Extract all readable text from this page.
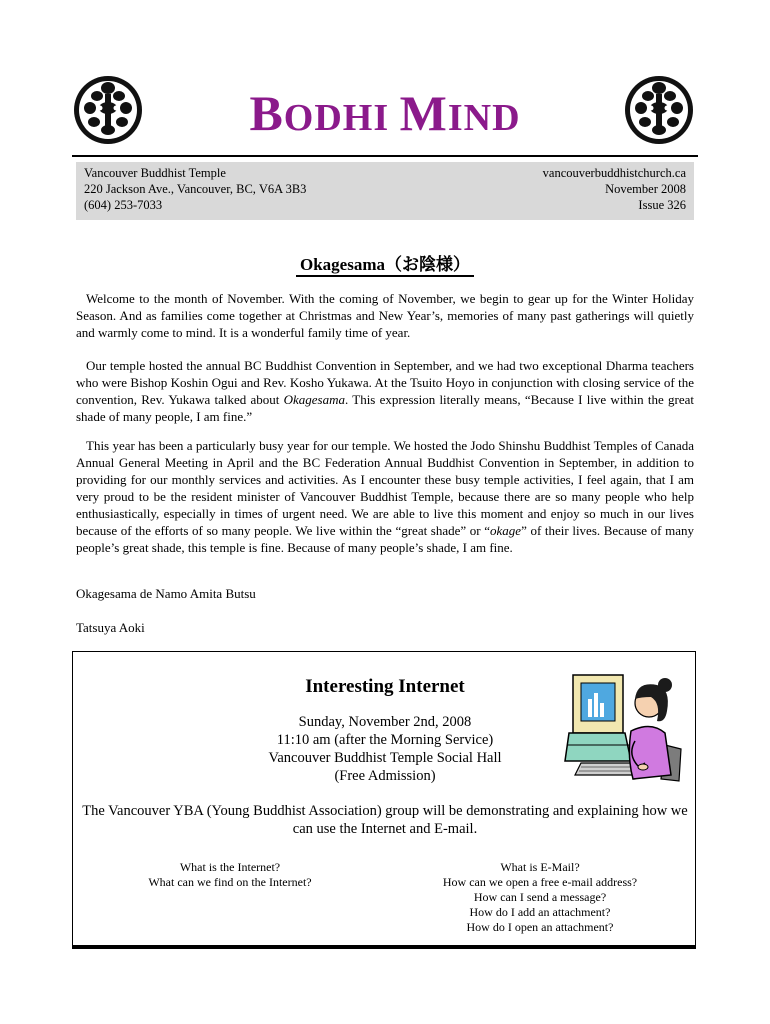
BODHI MIND
Vancouver Buddhist Temple
220 Jackson Ave., Vancouver, BC, V6A 3B3
(604) 253-7033
vancouverbuddhistchurch.ca
November 2008
Issue 326
Okagesama（お陰様）
Welcome to the month of November. With the coming of November, we begin to gear up for the Winter Holiday Season. And as families come together at Christmas and New Year’s, memories of many past gatherings will quietly and warmly come to mind. It is a wonderful family time of year.
Our temple hosted the annual BC Buddhist Convention in September, and we had two exceptional Dharma teachers who were Bishop Koshin Ogui and Rev. Kosho Yukawa. At the Tsuito Hoyo in conjunction with closing service of the convention, Rev. Yukawa talked about Okagesama. This expression literally means, “Because I live within the great shade of many people, I am fine.”
This year has been a particularly busy year for our temple. We hosted the Jodo Shinshu Buddhist Temples of Canada Annual General Meeting in April and the BC Federation Annual Buddhist Convention in September, in addition to providing for our monthly services and activities. As I encounter these busy temple activities, I feel again, that I am very proud to be the resident minister of Vancouver Buddhist Temple, because there are so many people who help enthusiastically, especially in times of urgent need. We are able to live this moment and enjoy so much in our lives because of the efforts of so many people. We live within the “great shade” or “okage” of their lives. Because of many people’s great shade, this temple is fine. Because of many people’s shade, I am fine.
Okagesama de Namo Amita Butsu
Tatsuya Aoki
Interesting Internet
Sunday, November 2nd, 2008
11:10 am (after the Morning Service)
Vancouver Buddhist Temple Social Hall
(Free Admission)
The Vancouver YBA (Young Buddhist Association) group will be demonstrating and explaining how we can use the Internet and E-mail.
What is the Internet?
What can we find on the Internet?
What is E-Mail?
How can we open a free e-mail address?
How can I send a message?
How do I add an attachment?
How do I open an attachment?
